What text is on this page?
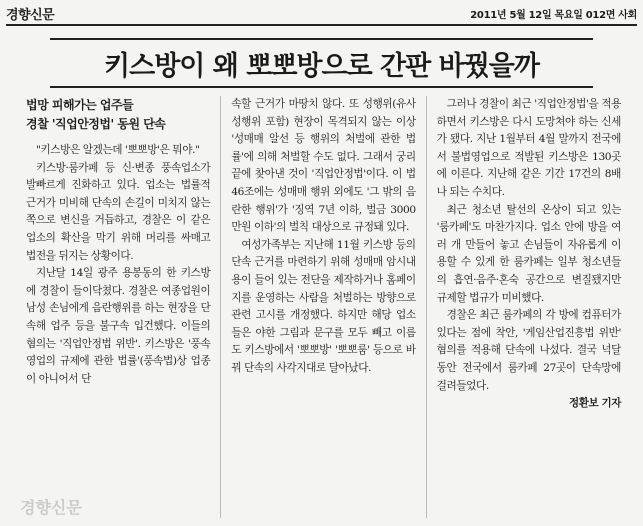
경향신문	2011년 5월 12일 목요일 012면 사회
키스방이 왜 뽀뽀방으로 간판 바꿨을까
법망 피해가는 업주들
경찰 '직업안정법' 동원 단속

"키스방은 알겠는데 '뽀뽀방'은 뭐야."

키스방·룸카페 등 신·변종 풍속업소가 발빠르게 진화하고 있다. 업소는 법률적 근거가 미비해 단속의 손길이 미치지 않는 쪽으로 변신을 거듭하고, 경찰은 이 같은 업소의 확산을 막기 위해 머리를 싸매고 법전을 뒤지는 상황이다.

지난달 14일 광주 용봉동의 한 키스방에 경찰이 들이닥쳤다. 경찰은 여종업원이 남성 손님에게 음란행위를 하는 현장을 단속해 업주 등을 불구속 입건했다. 이들의 혐의는 '직업안정법 위반'. 키스방은 '풍속영업의 규제에 관한 법률'(풍속법)상 업종이 아니어서 단

속할 근거가 마땅치 않다. 또 성행위(유사성행위 포함) 현장이 목격되지 않는 이상 '성매매 알선 등 행위의 처벌에 관한 법률'에 의해 처벌할 수도 없다. 그래서 궁리 끝에 찾아낸 것이 '직업안정법'이다. 이 법 46조에는 성매매 행위 외에도 '그 밖의 음란한 행위'가 '징역 7년 이하, 벌금 3000만원 이하'의 벌칙 대상으로 규정돼 있다.

여성가족부는 지난해 11월 키스방 등의 단속 근거를 마련하기 위해 성매매 암시내용이 들어 있는 전단을 제작하거나 홈페이지를 운영하는 사람을 처벌하는 방향으로 관련 고시를 개정했다. 하지만 해당 업소들은 야한 그림과 문구를 모두 빼고 이름도 키스방에서 '뽀뽀방' '뽀뽀룸' 등으로 바꿔 단속의 사각지대로 달아났다.

그러나 경찰이 최근 '직업안정법'을 적용하면서 키스방은 다시 도망쳐야 하는 신세가 됐다. 지난 1월부터 4월 말까지 전국에서 불법영업으로 적발된 키스방은 130곳에 이른다. 지난해 같은 기간 17건의 8배나 되는 수치다.

최근 청소년 탈선의 온상이 되고 있는 '룸카페'도 마찬가지다. 업소 안에 방을 여러 개 만들어 놓고 손님들이 자유롭게 이용할 수 있게 한 룸카페는 일부 청소년들의 흡연·음주·혼숙 공간으로 변질됐지만 규제할 법규가 미비했다.

경찰은 최근 룸카페의 각 방에 컴퓨터가 있다는 점에 착안, '게임산업진흥법 위반' 혐의를 적용해 단속에 나섰다. 결국 넉달 동안 전국에서 룸카페 27곳이 단속망에 걸려들었다.

정환보 기자

경향신문
